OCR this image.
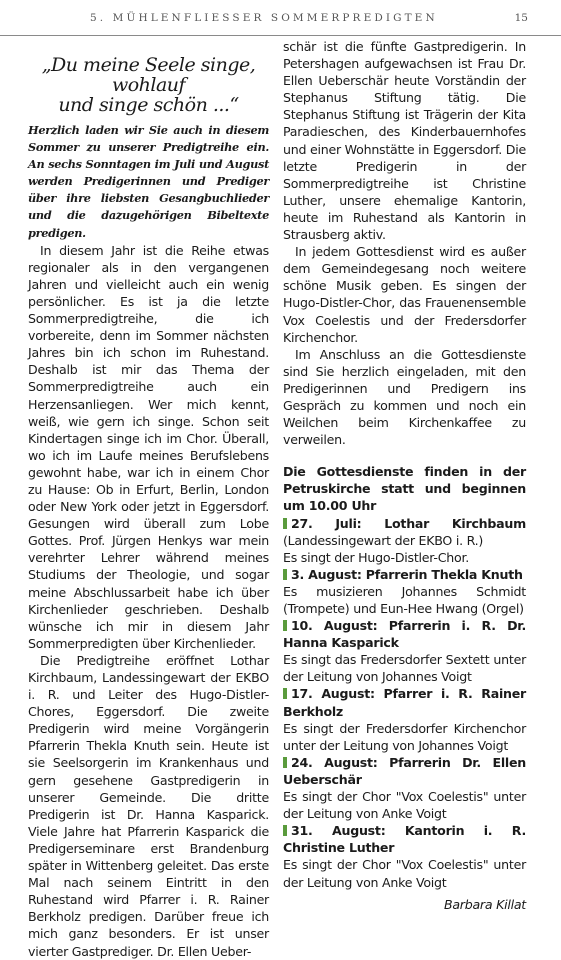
5. MÜHLENFLIESSER SOMMERPREDIGTEN	15
„Du meine Seele singe, wohlauf
und singe schön ...“

Herzlich laden wir Sie auch in diesem Sommer zu unserer Predigtreihe ein. An sechs Sonntagen im Juli und August werden Predigerinnen und Prediger über ihre liebsten Gesangbuchlieder und die dazugehörigen Bibeltexte predigen.

In diesem Jahr ist die Reihe etwas regionaler als in den vergangenen Jahren und vielleicht auch ein wenig persönlicher. Es ist ja die letzte Sommerpredigtreihe, die ich vorbereite, denn im Sommer nächsten Jahres bin ich schon im Ruhestand. Deshalb ist mir das Thema der Sommerpredigtreihe auch ein Herzensanliegen. Wer mich kennt, weiß, wie gern ich singe. Schon seit Kindertagen singe ich im Chor. Überall, wo ich im Laufe meines Berufslebens gewohnt habe, war ich in einem Chor zu Hause: Ob in Erfurt, Berlin, London oder New York oder jetzt in Eggersdorf. Gesungen wird überall zum Lobe Gottes. Prof. Jürgen Henkys war mein verehrter Lehrer während meines Studiums der Theologie, und sogar meine Abschlussarbeit habe ich über Kirchenlieder geschrieben. Deshalb wünsche ich mir in diesem Jahr Sommerpredigten über Kirchenlieder.

Die Predigtreihe eröffnet Lothar Kirchbaum, Landessingewart der EKBO i. R. und Leiter des Hugo-Distler-Chores, Eggersdorf. Die zweite Predigerin wird meine Vorgängerin Pfarrerin Thekla Knuth sein. Heute ist sie Seelsorgerin im Krankenhaus und gern gesehene Gastpredigerin in unserer Gemeinde. Die dritte Predigerin ist Dr. Hanna Kasparick. Viele Jahre hat Pfarrerin Kasparick die Predigerseminare erst Brandenburg später in Wittenberg geleitet. Das erste Mal nach seinem Eintritt in den Ruhestand wird Pfarrer i. R. Rainer Berkholz predigen. Darüber freue ich mich ganz besonders. Er ist unser vierter Gastprediger. Dr. Ellen Ueber-

schär ist die fünfte Gastpredigerin. In Petershagen aufgewachsen ist Frau Dr. Ellen Ueberschär heute Vorständin der Stephanus Stiftung tätig. Die Stephanus Stiftung ist Trägerin der Kita Paradieschen, des Kinderbauernhofes und einer Wohnstätte in Eggersdorf. Die letzte Predigerin in der Sommerpredigtreihe ist Christine Luther, unsere ehemalige Kantorin, heute im Ruhestand als Kantorin in Strausberg aktiv.

In jedem Gottesdienst wird es außer dem Gemeindegesang noch weitere schöne Musik geben. Es singen der Hugo-Distler-Chor, das Frauenensemble Vox Coelestis und der Fredersdorfer Kirchenchor.

Im Anschluss an die Gottesdienste sind Sie herzlich eingeladen, mit den Predigerinnen und Predigern ins Gespräch zu kommen und noch ein Weilchen beim Kirchenkaffee zu verweilen.

Die Gottesdienste finden in der Petruskirche statt und beginnen um 10.00 Uhr

27. Juli: Lothar Kirchbaum (Landessingewart der EKBO i. R.)

Es singt der Hugo-Distler-Chor.

3. August: Pfarrerin Thekla Knuth

Es musizieren Johannes Schmidt (Trompete) und Eun-Hee Hwang (Orgel)

10. August: Pfarrerin i. R. Dr. Hanna Kasparick

Es singt das Fredersdorfer Sextett unter der Leitung von Johannes Voigt

17. August: Pfarrer i. R. Rainer Berkholz

Es singt der Fredersdorfer Kirchenchor unter der Leitung von Johannes Voigt

24. August: Pfarrerin Dr. Ellen Ueberschär

Es singt der Chor "Vox Coelestis" unter der Leitung von Anke Voigt

31. August: Kantorin i. R. Christine Luther

Es singt der Chor "Vox Coelestis" unter der Leitung von Anke Voigt

Barbara Killat
